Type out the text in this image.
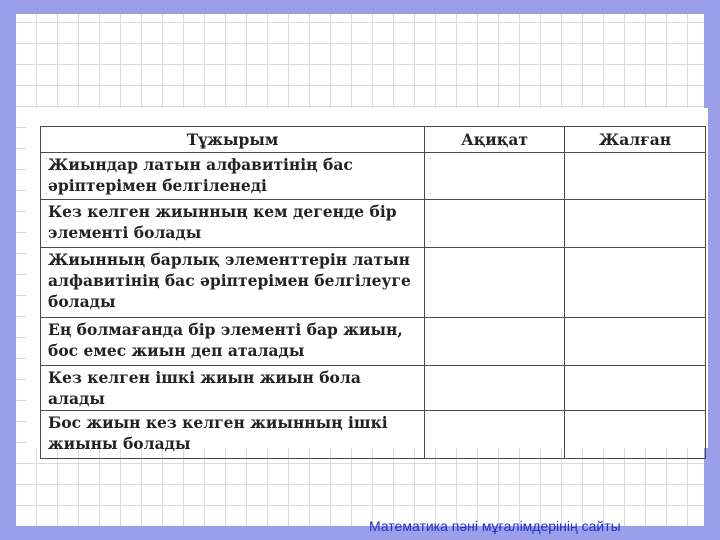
Тұжырым	Ақиқат	Жалған
Жиындар латын алфавитінің бас әріптерімен белгіленеді		
Кез келген жиынның кем дегенде бір элементі болады		
Жиынның барлық элементтерін латын алфавитінің бас әріптерімен белгілеуге болады		
Ең болмағанда бір элементі бар жиын, бос емес жиын деп аталады		
Кез келген ішкі жиын жиын бола алады		
Бос жиын кез келген жиынның ішкі жиыны болады		
Математика пәні мұғалімдерінің сайты
